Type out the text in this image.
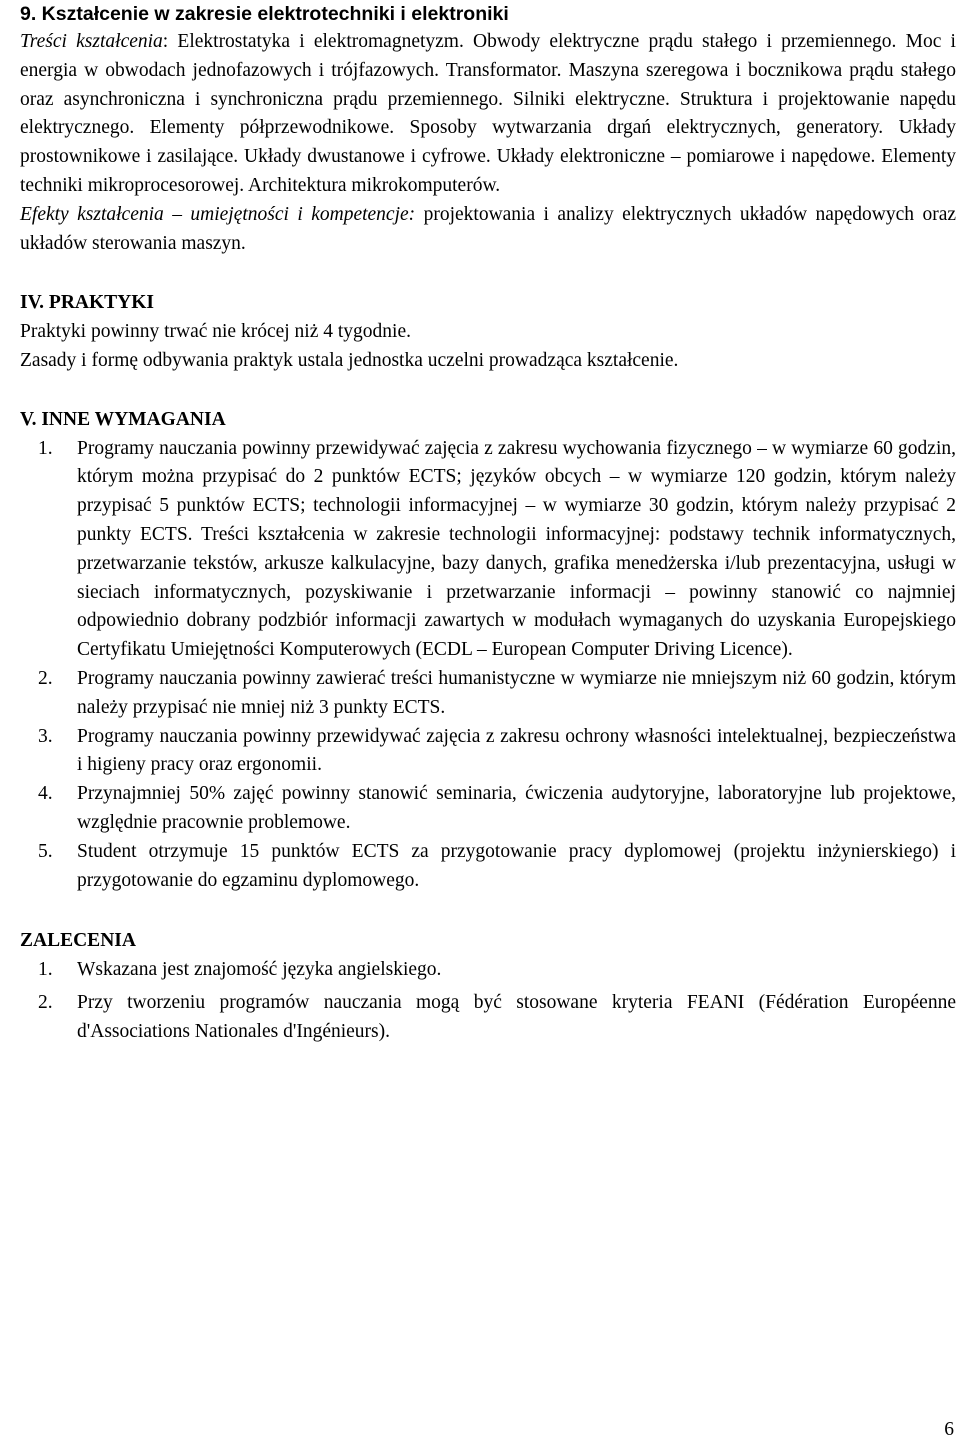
9. Kształcenie w zakresie elektrotechniki i elektroniki

Treści kształcenia: Elektrostatyka i elektromagnetyzm. Obwody elektryczne prądu stałego i przemiennego. Moc i energia w obwodach jednofazowych i trójfazowych. Transformator. Maszyna szeregowa i bocznikowa prądu stałego oraz asynchroniczna i synchroniczna prądu przemiennego. Silniki elektryczne. Struktura i projektowanie napędu elektrycznego. Elementy półprzewodnikowe. Sposoby wytwarzania drgań elektrycznych, generatory. Układy prostownikowe i zasilające. Układy dwustanowe i cyfrowe. Układy elektroniczne – pomiarowe i napędowe. Elementy techniki mikroprocesorowej. Architektura mikrokomputerów.

Efekty kształcenia – umiejętności i kompetencje: projektowania i analizy elektrycznych układów napędowych oraz układów sterowania maszyn.

IV. PRAKTYKI

Praktyki powinny trwać nie krócej niż 4 tygodnie.

Zasady i formę odbywania praktyk ustala jednostka uczelni prowadząca kształcenie.

V. INNE WYMAGANIA

1. Programy nauczania powinny przewidywać zajęcia z zakresu wychowania fizycznego – w wymiarze 60 godzin, którym można przypisać do 2 punktów ECTS; języków obcych – w wymiarze 120 godzin, którym należy przypisać 5 punktów ECTS; technologii informacyjnej – w wymiarze 30 godzin, którym należy przypisać 2 punkty ECTS. Treści kształcenia w zakresie technologii informacyjnej: podstawy technik informatycznych, przetwarzanie tekstów, arkusze kalkulacyjne, bazy danych, grafika menedżerska i/lub prezentacyjna, usługi w sieciach informatycznych, pozyskiwanie i przetwarzanie informacji – powinny stanowić co najmniej odpowiednio dobrany podzbiór informacji zawartych w modułach wymaganych do uzyskania Europejskiego Certyfikatu Umiejętności Komputerowych (ECDL – European Computer Driving Licence).
2. Programy nauczania powinny zawierać treści humanistyczne w wymiarze nie mniejszym niż 60 godzin, którym należy przypisać nie mniej niż 3 punkty ECTS.
3. Programy nauczania powinny przewidywać zajęcia z zakresu ochrony własności intelektualnej, bezpieczeństwa i higieny pracy oraz ergonomii.
4. Przynajmniej 50% zajęć powinny stanowić seminaria, ćwiczenia audytoryjne, laboratoryjne lub projektowe, względnie pracownie problemowe.
5. Student otrzymuje 15 punktów ECTS za przygotowanie pracy dyplomowej (projektu inżynierskiego) i przygotowanie do egzaminu dyplomowego.

ZALECENIA

1. Wskazana jest znajomość języka angielskiego.
2. Przy tworzeniu programów nauczania mogą być stosowane kryteria FEANI (Fédération Européenne d'Associations Nationales d'Ingénieurs).
6
